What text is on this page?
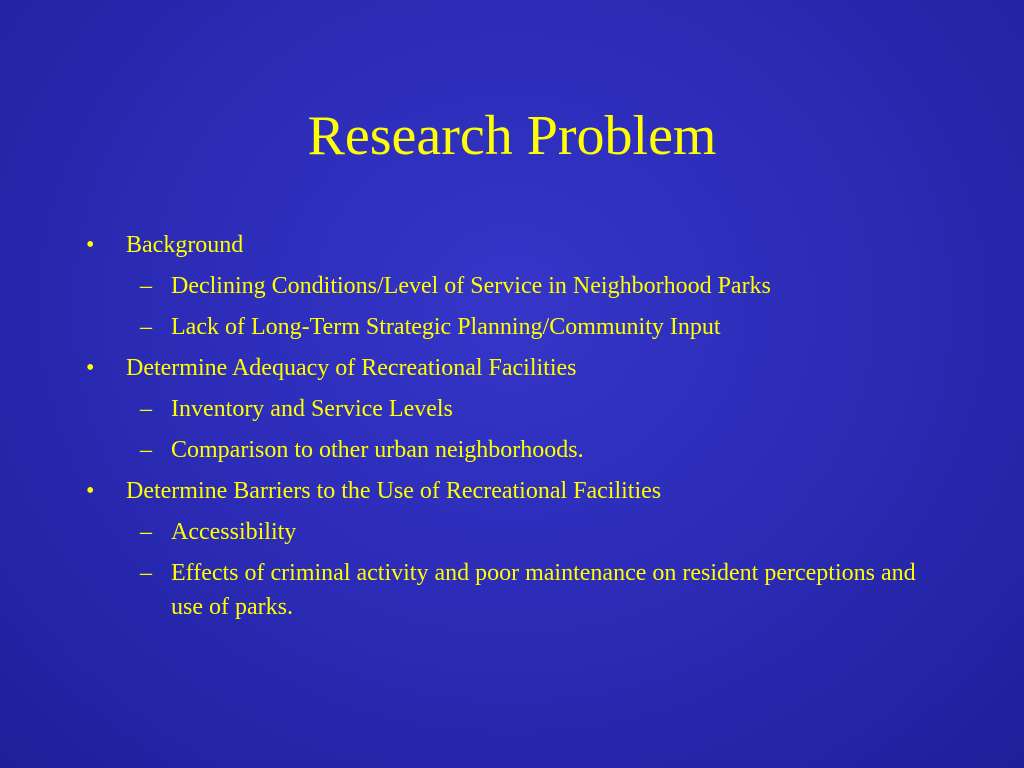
Research Problem
•	Background
– Declining Conditions/Level of Service in Neighborhood Parks
– Lack of Long-Term Strategic Planning/Community Input
•	Determine Adequacy of Recreational Facilities
– Inventory and Service Levels
– Comparison to other urban neighborhoods.
•	Determine Barriers to the Use of Recreational Facilities
– Accessibility
– Effects of criminal activity and poor maintenance on resident perceptions and use of parks.
